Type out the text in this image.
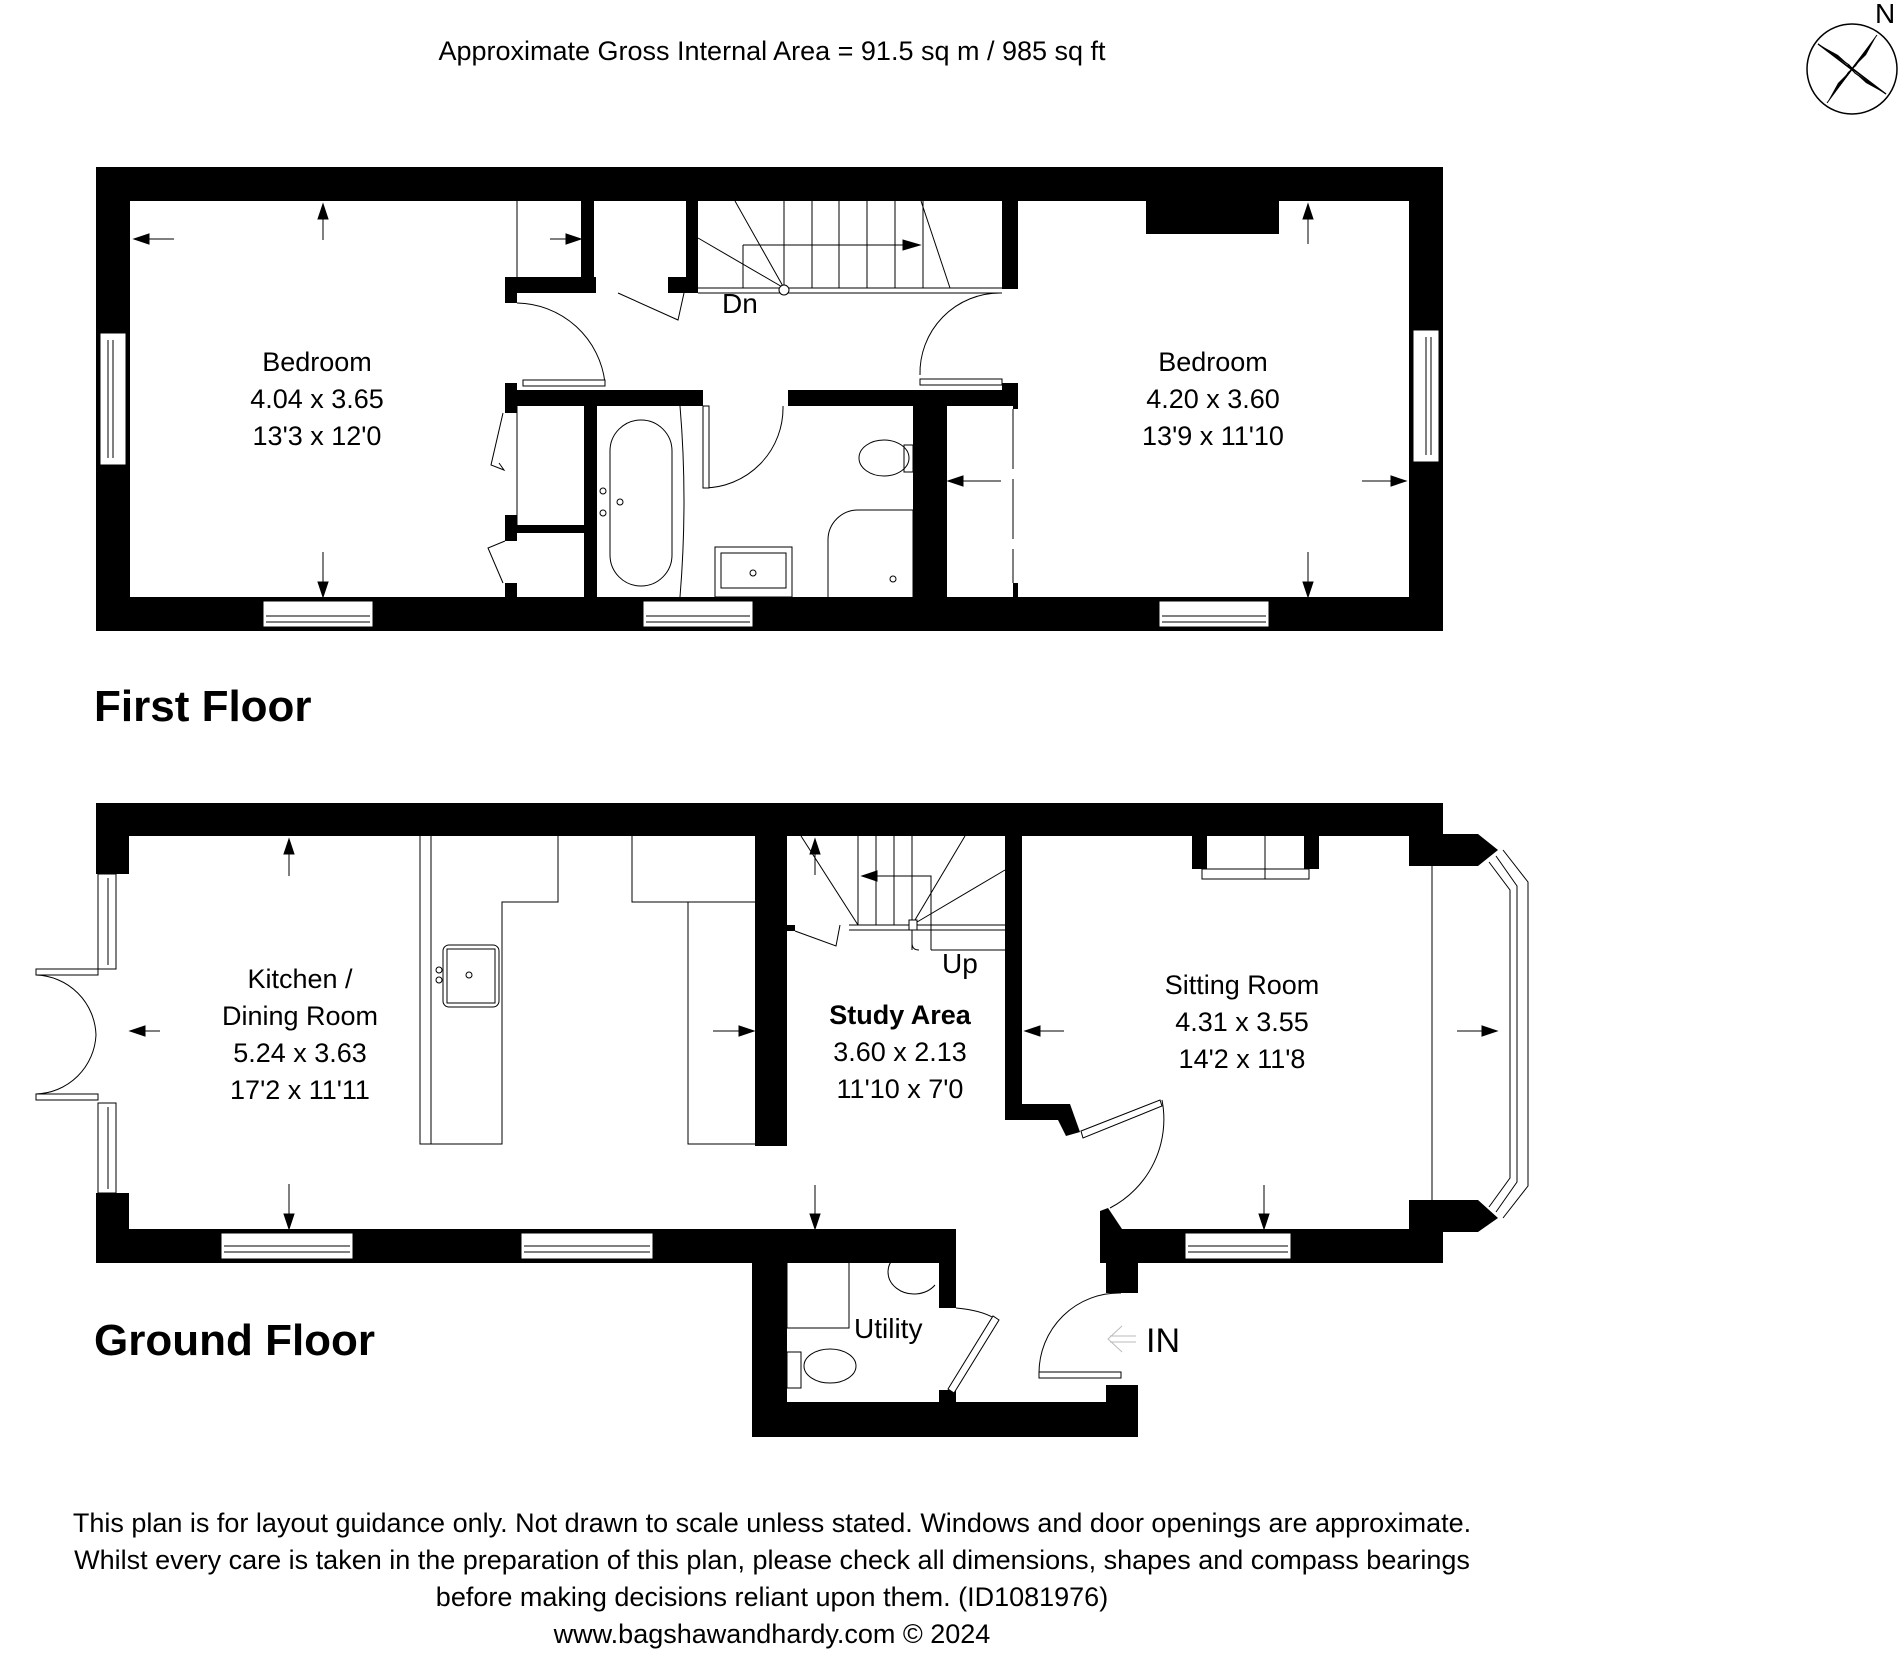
Approximate Gross Internal Area = 91.5 sq m / 985 sq ft
N
Bedroom
4.04 x 3.65
13'3 x 12'0
Bedroom
4.20 x 3.60
13'9 x 11'10
Dn
First Floor
Kitchen /
Dining Room
5.24 x 3.63
17'2 x 11'11
Study Area
3.60 x 2.13
11'10 x 7'0
Sitting Room
4.31 x 3.55
14'2 x 11'8
Utility
Up
IN
Ground Floor
This plan is for layout guidance only. Not drawn to scale unless stated. Windows and door openings are approximate.
Whilst every care is taken in the preparation of this plan, please check all dimensions, shapes and compass bearings
before making decisions reliant upon them. (ID1081976)
www.bagshawandhardy.com © 2024
